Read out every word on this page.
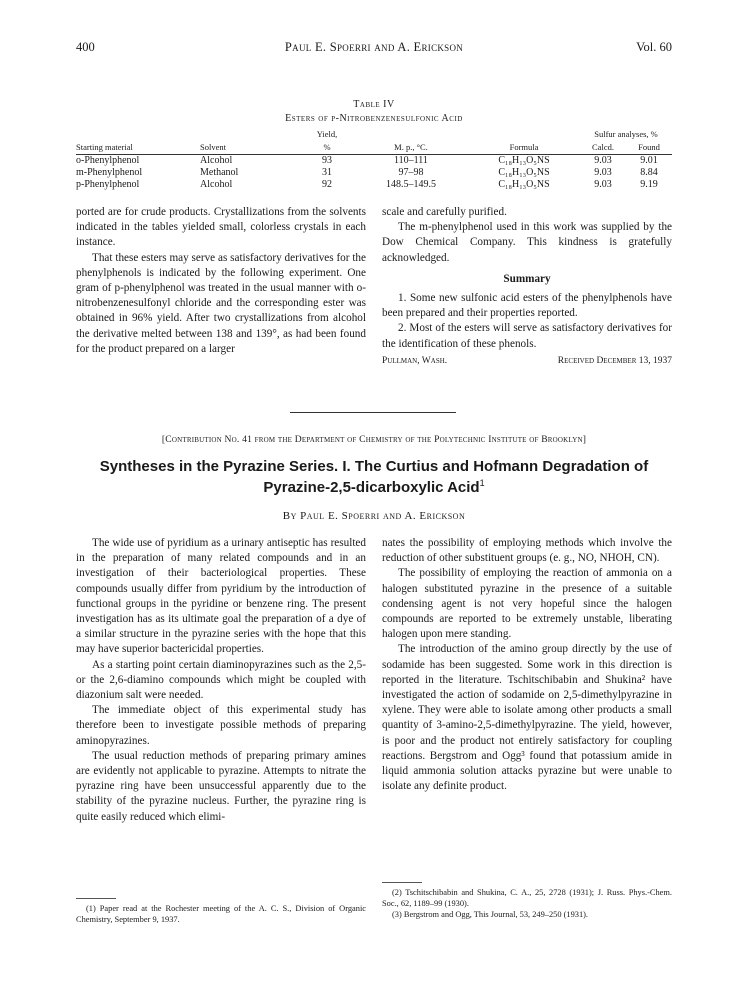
400	Paul E. Spoerri and A. Erickson	Vol. 60
Table IV
Esters of p-Nitrobenzenesulfonic Acid
		Yield,			Sulfur analyses, %	
Starting material	Solvent	%	M. p., °C.	Formula	Calcd.	Found

o-Phenylphenol	Alcohol	93	110–111	C₁₈H₁₃O₅NS	9.03	9.01
m-Phenylphenol	Methanol	31	97–98	C₁₈H₁₃O₅NS	9.03	8.84
p-Phenylphenol	Alcohol	92	148.5–149.5	C₁₈H₁₃O₅NS	9.03	9.19

ported are for crude products. Crystallizations from the solvents indicated in the tables yielded small, colorless crystals in each instance.

That these esters may serve as satisfactory derivatives for the phenylphenols is indicated by the following experiment. One gram of p-phenylphenol was treated in the usual manner with o-nitrobenzenesulfonyl chloride and the corresponding ester was obtained in 96% yield. After two crystallizations from alcohol the derivative melted between 138 and 139°, as had been found for the product prepared on a larger

scale and carefully purified.

The m-phenylphenol used in this work was supplied by the Dow Chemical Company. This kindness is gratefully acknowledged.

Summary

1. Some new sulfonic acid esters of the phenylphenols have been prepared and their properties reported.

2. Most of the esters will serve as satisfactory derivatives for the identification of these phenols.

Pullman, Wash.	Received December 13, 1937
[Contribution No. 41 from the Department of Chemistry of the Polytechnic Institute of Brooklyn]
Syntheses in the Pyrazine Series. I. The Curtius and Hofmann Degradation of
Pyrazine-2,5-dicarboxylic Acid$^1$
By Paul E. Spoerri and A. Erickson

The wide use of pyridium as a urinary antiseptic has resulted in the preparation of many related compounds and in an investigation of their bacteriological properties. These compounds usually differ from pyridium by the introduction of functional groups in the pyridine or benzene ring. The present investigation has as its ultimate goal the preparation of a dye of a similar structure in the pyrazine series with the hope that this may have superior bactericidal properties.

As a starting point certain diaminopyrazines such as the 2,5- or the 2,6-diamino compounds which might be coupled with diazonium salt were needed.

The immediate object of this experimental study has therefore been to investigate possible methods of preparing aminopyrazines.

The usual reduction methods of preparing primary amines are evidently not applicable to pyrazine. Attempts to nitrate the pyrazine ring have been unsuccessful apparently due to the stability of the pyrazine nucleus. Further, the pyrazine ring is quite easily reduced which elimi-

(1) Paper read at the Rochester meeting of the A. C. S., Division of Organic Chemistry, September 9, 1937.

nates the possibility of employing methods which involve the reduction of other substituent groups (e. g., NO, NHOH, CN).

The possibility of employing the reaction of ammonia on a halogen substituted pyrazine in the presence of a suitable condensing agent is not very hopeful since the halogen compounds are reported to be extremely unstable, liberating halogen upon mere standing.

The introduction of the amino group directly by the use of sodamide has been suggested. Some work in this direction is reported in the literature. Tschitschibabin and Shukina² have investigated the action of sodamide on 2,5-dimethylpyrazine in xylene. They were able to isolate among other products a small quantity of 3-amino-2,5-dimethylpyrazine. The yield, however, is poor and the product not entirely satisfactory for coupling reactions. Bergstrom and Ogg³ found that potassium amide in liquid ammonia solution attacks pyrazine but were unable to isolate any definite product.

(2) Tschitschibabin and Shukina, C. A., 25, 2728 (1931); J. Russ. Phys.-Chem. Soc., 62, 1189–99 (1930).

(3) Bergstrom and Ogg, This Journal, 53, 249–250 (1931).
